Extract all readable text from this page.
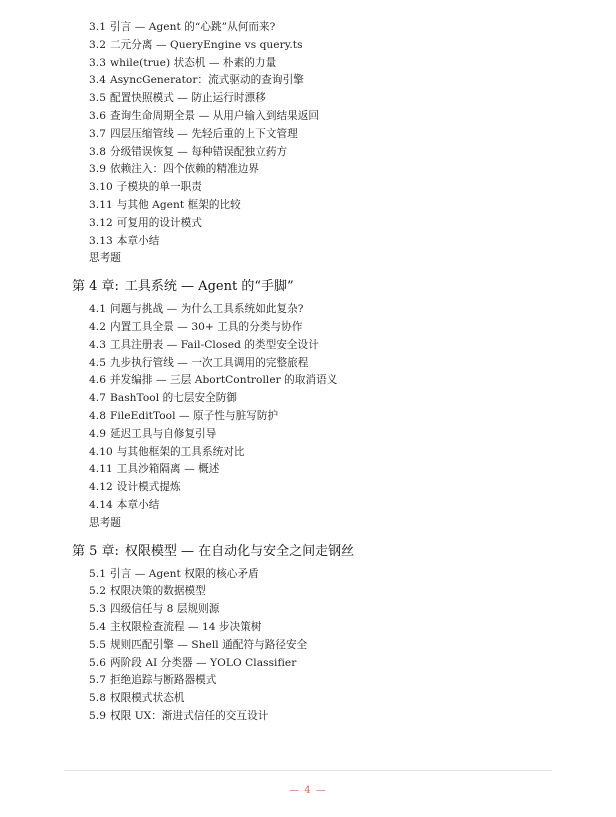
3.1 引言 — Agent 的“心跳”从何而来?
3.2 二元分离 — QueryEngine vs query.ts
3.3 while(true) 状态机 — 朴素的力量
3.4 AsyncGenerator：流式驱动的查询引擎
3.5 配置快照模式 — 防止运行时漂移
3.6 查询生命周期全景 — 从用户输入到结果返回
3.7 四层压缩管线 — 先轻后重的上下文管理
3.8 分级错误恢复 — 每种错误配独立药方
3.9 依赖注入：四个依赖的精准边界
3.10 子模块的单一职责
3.11 与其他 Agent 框架的比较
3.12 可复用的设计模式
3.13 本章小结
思考题
第 4 章: 工具系统 — Agent 的“手脚”
4.1 问题与挑战 — 为什么工具系统如此复杂?
4.2 内置工具全景 — 30+ 工具的分类与协作
4.3 工具注册表 — Fail-Closed 的类型安全设计
4.5 九步执行管线 — 一次工具调用的完整旅程
4.6 并发编排 — 三层 AbortController 的取消语义
4.7 BashTool 的七层安全防御
4.8 FileEditTool — 原子性与脏写防护
4.9 延迟工具与自修复引导
4.10 与其他框架的工具系统对比
4.11 工具沙箱隔离 — 概述
4.12 设计模式提炼
4.14 本章小结
思考题
第 5 章: 权限模型 — 在自动化与安全之间走钢丝
5.1 引言 — Agent 权限的核心矛盾
5.2 权限决策的数据模型
5.3 四级信任与 8 层规则源
5.4 主权限检查流程 — 14 步决策树
5.5 规则匹配引擎 — Shell 通配符与路径安全
5.6 两阶段 AI 分类器 — YOLO Classifier
5.7 拒绝追踪与断路器模式
5.8 权限模式状态机
5.9 权限 UX：渐进式信任的交互设计
— 4 —
